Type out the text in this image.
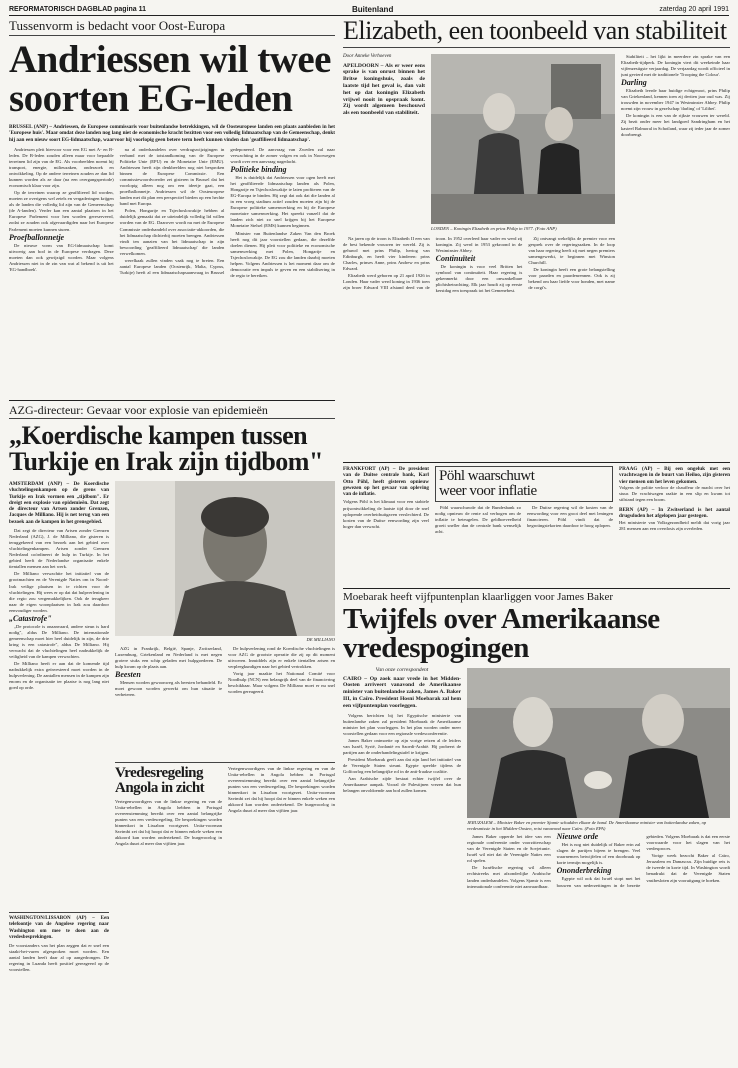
REFORMATORISCH DAGBLAD pagina 11	Buitenland	zaterdag 20 april 1991
Tussenvorm is bedacht voor Oost-Europa
Andriessen wil twee
soorten EG-leden
BRUSSEL (ANP) – Andriessen, de Europese commissaris voor buitenlandse betrekkingen, wil de Oosteuropese landen een plaats aanbieden in het 'Europese huis'. Maar omdat deze landen nog lang niet de economische kracht bezitten voor een volledig lidmaatschap van de Gemeenschap, denkt hij aan een nieuw soort EG-lidmaatschap, waarvoor hij voorlopig geen betere term heeft kunnen vinden dan 'geaffilieerd lidmaatschap'.

Andriessen pleit hiervoor voor een EG met A- en B-leden. De B-leden zouden alleen maar voor bepaalde terreinen lid zijn van de EG. Als voorbeelden noemt hij transport, energie, milieuzaken, onderzoek en ontwikkeling. Op de andere terreinen zouden ze dan lid kunnen worden als ze daar (na een overgangsperiode) economisch klaar voor zijn.

Op de terreinen waarop ze geaffilieerd lid worden, moeten ze overigens wel zetels en vergaderingen krijgen als de landen die volledig lid zijn van de Gemeenschap (de A-landen). Verder kan een aantal plaatsen in het Europese Parlement voor hen worden gereserveerd, zodat ze zouden ook afgevaardigden naar het Europese Parlement moeten kunnen sturen.

Proefballonnetje

De nieuwe vorm van EG-lidmaatschap komt uitvoerig aan bod in de Europese verdragen. Deze moeten dan ook gewijzigd worden. Maar volgens Andriessen niet in de zin van wat al bekend is uit het 'EG-handboek'.

na al onderhandelen over verdragswijzigingen in verband met de totstandkoming van de Europese Politieke Unie (EPU) en de Monetaire Unie (EMU). Andriessen heeft zijn denkbeelden nog niet besproken binnen de Europese Commissie. Een commissiewoordvoerder zei gisteren in Brussel dat het voorlopig alleen nog om een ideetje gaat, een proefballonnetje. Andriessen wil de Oosteuropese landen met dit plan een perspectief bieden op een hechte band met Europa.

Polen, Hongarije en Tsjechoslowakije hebben al duidelijk gemaakt dat ze uiteindelijk volledig lid willen worden van de EG. Daarover wordt nu met de Europese Commissie onderhandeld over associatie-akkoorden, die het lidmaatschap dichterbij moeten brengen. Andriessen vindt ten aanzien van het lidmaatschap in zijn bewoording 'geaffilieerd lidmaatschap' die landen verwelkomen.

werelkaak zullen vinden vaak nog te breien. Een aantal Europese landen (Oostenrijk, Malta, Cyprus, Turkije) heeft al een lidmaatschapsaanvraag in Brussel gedeponeerd. De aanvraag van Zweden zal naar verwachting in de zomer volgen en ook in Noorwegen wordt over een aanvraag nagedacht.

Politieke binding

Het is duidelijk dat Andriessen voor ogen heeft met het geaffilieerde lidmaatschap landen als Polen, Hongarije en Tsjechoslowakije te laten profiteren van de EG-Europa te binden. Hij zegt dat ook dat die landen al in een vroeg stadium actief zouden moeten zijn bij de Europese politieke samenwerking en bij de Europese monetaire samenwerking. Het spreekt vanzelf dat de landen zich niet zo snel krijgen bij het Europese Monetaire Stelsel (EMS) kunnen beginnen.

Minister van Buitenlandse Zaken Van den Broek heeft nog dit jaar voorstellen gedaan, die dezelfde doelen dienen. Hij pleit voor politieke en economische samenwerking met Polen, Hongarije en Tsjechoslowakije. De EG zou die landen daarbij moeten helpen. Volgens Andriessen is het moment daar om de democratie een impuls te geven en een stabilisering in de regio te bereiken.

Elizabeth, een toonbeeld van stabiliteit
Door Anneke Verhoeven
APELDOORN – Als er weer eens sprake is van onrust binnen het Britse koningshuis, zoals de laatste tijd het geval is, dan valt het op dat koningin Elizabeth vrijwel nooit in opspraak komt. Zij wordt algemeen beschouwd als een toonbeeld van stabiliteit.
LONDEN – Koningin Elizabeth en prins Philip in 1977. (Foto ANP)

Na jaren op de troon is Elizabeth II een van de best bekende vrouwen ter wereld. Zij is gehuwd met prins Philip, hertog van Edinburgh, en heeft vier kinderen: prins Charles, prinses Anne, prins Andrew en prins Edward.

Elizabeth werd geboren op 21 april 1926 in Londen. Haar vader werd koning in 1936 toen zijn broer Edward VIII afstand deed van de troon. In 1952 overleed haar vader en werd zij koningin. Zij werd in 1953 gekroond in de Westminster Abbey.

Continuïteit

De koningin is voor veel Britten het symbool van continuïteit. Haar regering is gekenmerkt door een onwankelbare plichtsbetrachting. Elk jaar houdt zij op eerste kerstdag een toespraak tot het Gemenebest.

Zij ontvangt wekelijks de premier voor een gesprek over de regeringszaken. In de loop van haar regering heeft zij met negen premiers samengewerkt, te beginnen met Winston Churchill.

De koningin heeft een grote belangstelling voor paarden en paardenrennen. Ook is zij bekend om haar liefde voor honden, met name de corgi's.

Stabiliteit – het lijkt in meerdere zin sprake van een Elizabeth-tijdperk. De koningin viert dit weekeinde haar vijfenzestigste verjaardag. De verjaardag wordt officieel in juni gevierd met de traditionele 'Trooping the Colour'.

Darling

Elizabeth leerde haar huidige echtgenoot, prins Philip van Griekenland, kennen toen zij dertien jaar oud was. Zij trouwden in november 1947 in Westminster Abbey. Philip noemt zijn vrouw in gezelschap 'darling' of 'Lilibet'.

De koningin is een van de rijkste vrouwen ter wereld. Zij bezit onder meer het landgoed Sandringham en het kasteel Balmoral in Schotland, waar zij ieder jaar de zomer doorbrengt.

AZG-directeur: Gevaar voor explosie van epidemieën
„Koerdische kampen tussen
Turkije en Irak zijn tijdbom"
AMSTERDAM (ANP) – De Koerdische vluchtelingenkampen op de grens van Turkije en Irak vormen een „tijdbom". Er dreigt een explosie van epidemieën. Dat zegt de directeur van Artsen zonder Grenzen, Jacques de Milliano. Hij is net terug van een bezoek aan de kampen in het grensgebied.

Dat zegt de directeur van Artsen zonder Grenzen Nederland (AZG), J. de Milliano, die gisteren is teruggekeerd van een bezoek aan het gebied over vluchtelingenkampen. Artsen zonder Grenzen Nederland coördineert de hulp in Turkije. In het gebied heeft de Nederlandse organisatie enkele tientallen mensen aan het werk.

De Milliano verwachtte het initiatief van de grootmachten en de Verenigde Naties om in Noord-Irak veilige plaatsen in te richten voor de vluchtelingen. Hij wees er op dat dat hulpverlening in die regio zou vergemakkelijken. Ook de terugkeer naar de eigen woonplaatsen in Irak zou daardoor eenvoudiger worden.

„Catastrofe"

„De protocole is onaanvaard, andere steun is hard nodig", aldus De Milliano. De internationale gemeenschap moet hier heel duidelijk in zijn, de drie kring is een catastrofe", aldus De Milliano. Hij verwacht dat de vluchtelingen heel nadrukkelijk de veiligheid van de kampen verwachten.

De Milliano heeft er aan dat de komende tijd nadrukkelijk extra geïnvesteerd moet worden in de hulpverlening. De aantallen mensen in de kampen zijn enorm en de organisatie ter plaatse is nog lang niet goed op orde.

WASHINGTON/LISSABON (AP) – Een telefoontje van de Angolese regering naar Washington om mee te doen aan de vredesbesprekingen.
De voorstanders van het plan zeggen dat er snel een staakt-het-vuren afgesproken moet worden. Een aantal landen heeft daar al op aangedrongen. De regering in Luanda heeft positief gereageerd op de voorstellen.
DE MILLIANO

AZG in Frankrijk, België, Spanje, Zwitserland, Luxemburg, Griekenland en Nederland is met negen grotere stuks een schip geladen met hulpgoederen. De hulp kwam op de plaats aan.

Beesten

Mensen worden gewoonweg als beesten behandeld. Er moet gewoon worden gewerkt om hun situatie te verbeteren.

De hulpverlening rond de Koerdische vluchtelingen is voor AZG de grootste operatie die zij op dit moment uitvoeren. Inmiddels zijn er enkele tientallen artsen en verpleegkundigen naar het gebied vertrokken.

Vorig jaar maakte het Nationaal Comité voor Noodhulp (NCN) een belangrijk deel van de financiering beschikbaar. Maar volgens De Milliano moet er nu snel worden gereageerd.

Vredesregeling
Angola in zicht
Vertegenwoordigers van de linkse regering en van de Unita-rebellen in Angola hebben in Portugal overeenstemming bereikt over een aantal belangrijke punten van een vredesregeling. De besprekingen worden binnenkort in Lissabon voortgezet. Unita-voorman Savimbi zei dat hij hoopt dat er binnen enkele weken een akkoord kan worden ondertekend. De burgeroorlog in Angola duurt al meer dan vijftien jaar.
Vertegenwoordigers van de linkse regering en van de Unita-rebellen in Angola hebben in Portugal overeenstemming bereikt over een aantal belangrijke punten van een vredesregeling. De besprekingen worden binnenkort in Lissabon voortgezet. Unita-voorman Savimbi zei dat hij hoopt dat er binnen enkele weken een akkoord kan worden ondertekend. De burgeroorlog in Angola duurt al meer dan vijftien jaar.
FRANKFORT (AP) – De president van de Duitse centrale bank, Karl Otto Pöhl, heeft gisteren opnieuw gewezen op het gevaar van opleving van de inflatie.
Volgens Pöhl is het klimaat voor een stabiele prijsontwikkeling de laatste tijd door de snel oplopende overheidsuitgaven verslechterd. De kosten van de Duitse eenwording zijn veel hoger dan verwacht.
Pöhl waarschuwt
weer voor inflatie

Pöhl waarschuwde dat de Bundesbank zo nodig opnieuw de rente zal verhogen om de inflatie te beteugelen. De geldhoeveelheid groeit sneller dan de centrale bank wenselijk acht.

De Duitse regering wil de kosten van de eenwording voor een groot deel met leningen financieren. Pöhl vindt dat de begrotingstekorten daardoor te hoog oplopen.

PRAAG (AP) – Bij een ongeluk met een vrachtwagen in de buurt van Heiloo, zijn gisteren vier mensen om het leven gekomen.
Volgens de politie verloor de chauffeur de macht over het stuur. De vrachtwagen raakte in een slip en kwam tot stilstand tegen een boom.
BERN (AP) – In Zwitserland is het aantal drugsdoden het afgelopen jaar gestegen.
Het ministerie van Volksgezondheid meldt dat vorig jaar 281 mensen aan een overdosis zijn overleden.
Moebarak heeft vijfpuntenplan klaarliggen voor James Baker
Twijfels over Amerikaanse vredespogingen
Van onze correspondent
CAIRO – Op zoek naar vrede in het Midden-Oosten arriveert vanavond de Amerikaanse minister van buitenlandse zaken, James A. Baker III, in Caïro. President Hosni Moebarak zal hem een vijfpuntenplan voorleggen.

Volgens berichten bij het Egyptische ministerie van buitenlandse zaken zal president Moebarak de Amerikaanse minister het plan voorleggen. In het plan worden onder meer voorstellen gedaan voor een regionale vredesconferentie.

James Baker ontmoette op zijn vorige reizen al de leiders van Israël, Syrië, Jordanië en Saoedi-Arabië. Hij probeert de partijen aan de onderhandelingstafel te krijgen.

President Moebarak geeft aan dat zijn land het initiatief van de Verenigde Staten steunt. Egypte speelde tijdens de Golfoorlog een belangrijke rol in de anti-Iraakse coalitie.

Aan Arabische zijde bestaat echter twijfel over de Amerikaanse aanpak. Vooral de Palestijnen vrezen dat hun belangen onvoldoende aan bod zullen komen.

JERUZALEM – Minister Baker en premier Sjamir schudden elkaar de hand. De Amerikaanse minister van buitenlandse zaken, op vredesmissie in het Midden-Oosten, reist vanavond naar Caïro. (Foto EPA)

James Baker opperde het idee van een regionale conferentie onder voorzitterschap van de Verenigde Staten en de Sovjetunie. Israël wil niet dat de Verenigde Naties een rol spelen.

De Israëlische regering wil alleen rechtstreeks met afzonderlijke Arabische landen onderhandelen. Volgens Sjamir is een internationale conferentie niet aanvaardbaar.

Nieuwe orde

Het is nog niet duidelijk of Baker erin zal slagen de partijen bijeen te brengen. Veel waarnemers betwijfelen of een doorbraak op korte termijn mogelijk is.

Ononderbreking

Egypte wil ook dat Israël stopt met het bouwen van nederzettingen in de bezette gebieden. Volgens Moebarak is dat een eerste voorwaarde voor het slagen van het vredesproces.

Vorige week bezocht Baker al Caïro, Jeruzalem en Damascus. Zijn huidige reis is de tweede in korte tijd. In Washington wordt benadrukt dat de Verenigde Staten vastbesloten zijn vooruitgang te boeken.
